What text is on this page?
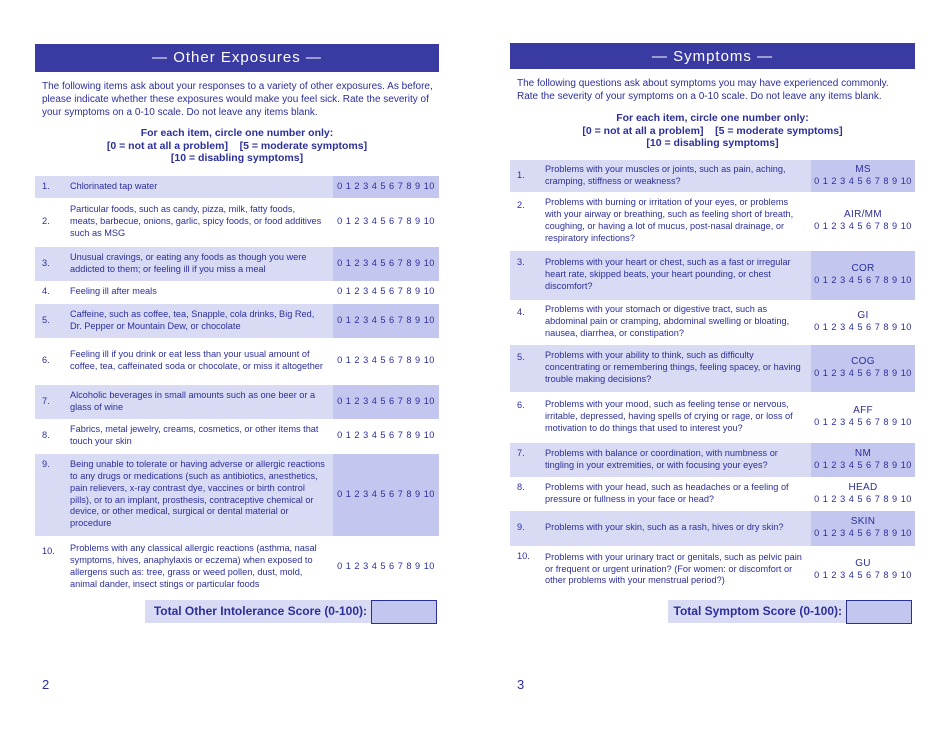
— Other Exposures —
The following items ask about your responses to a variety of other exposures. As before, please indicate whether these exposures would make you feel sick. Rate the severity of your symptoms on a 0-10 scale. Do not leave any items blank.
For each item, circle one number only:
[0 = not at all a problem]    [5 = moderate symptoms]
[10 = disabling symptoms]
1.	Chlorinated tap water	0 1 2 3 4 5 6 7 8 9 10
2.	Particular foods, such as candy, pizza, milk, fatty foods, meats, barbecue, onions, garlic, spicy foods, or food additives such as MSG	0 1 2 3 4 5 6 7 8 9 10
3.	Unusual cravings, or eating any foods as though you were addicted to them; or feeling ill if you miss a meal	0 1 2 3 4 5 6 7 8 9 10
4.	Feeling ill after meals	0 1 2 3 4 5 6 7 8 9 10
5.	Caffeine, such as coffee, tea, Snapple, cola drinks, Big Red, Dr. Pepper or Mountain Dew, or chocolate	0 1 2 3 4 5 6 7 8 9 10
6.	Feeling ill if you drink or eat less than your usual amount of coffee, tea, caffeinated soda or chocolate, or miss it altogether	0 1 2 3 4 5 6 7 8 9 10
7.	Alcoholic beverages in small amounts such as one beer or a glass of wine	0 1 2 3 4 5 6 7 8 9 10
8.	Fabrics, metal jewelry, creams, cosmetics, or other items that touch your skin	0 1 2 3 4 5 6 7 8 9 10
9.	Being unable to tolerate or having adverse or allergic reactions to any drugs or medications (such as antibiotics, anesthetics, pain relievers, x-ray contrast dye, vaccines or birth control pills), or to an implant, prosthesis, contraceptive chemical or device, or other medical, surgical or dental material or procedure	0 1 2 3 4 5 6 7 8 9 10
10.	Problems with any classical allergic reactions (asthma, nasal symptoms, hives, anaphylaxis or eczema) when exposed to allergens such as: tree, grass or weed pollen, dust, mold, animal dander, insect stings or particular foods	0 1 2 3 4 5 6 7 8 9 10
Total Other Intolerance Score (0-100):
2
— Symptoms —
The following questions ask about symptoms you may have experienced commonly. Rate the severity of your symptoms on a 0-10 scale. Do not leave any items blank.
For each item, circle one number only:
[0 = not at all a problem]    [5 = moderate symptoms]
[10 = disabling symptoms]
1.	Problems with your muscles or joints, such as pain, aching, cramping, stiffness or weakness?	MS
0 1 2 3 4 5 6 7 8 9 10
2.	Problems with burning or irritation of your eyes, or problems with your airway or breathing, such as feeling short of breath, coughing, or having a lot of mucus, post-nasal drainage, or respiratory infections?	AIR/MM
0 1 2 3 4 5 6 7 8 9 10
3.	Problems with your heart or chest, such as a fast or irregular heart rate, skipped beats, your heart pounding, or chest discomfort?	COR
0 1 2 3 4 5 6 7 8 9 10
4.	Problems with your stomach or digestive tract, such as abdominal pain or cramping, abdominal swelling or bloating, nausea, diarrhea, or constipation?	GI
0 1 2 3 4 5 6 7 8 9 10
5.	Problems with your ability to think, such as difficulty concentrating or remembering things, feeling spacey, or having trouble making decisions?	COG
0 1 2 3 4 5 6 7 8 9 10
6.	Problems with your mood, such as feeling tense or nervous, irritable, depressed, having spells of crying or rage, or loss of motivation to do things that used to interest you?	AFF
0 1 2 3 4 5 6 7 8 9 10
7.	Problems with balance or coordination, with numbness or tingling in your extremities, or with focusing your eyes?	NM
0 1 2 3 4 5 6 7 8 9 10
8.	Problems with your head, such as headaches or a feeling of pressure or fullness in your face or head?	HEAD
0 1 2 3 4 5 6 7 8 9 10
9.	Problems with your skin, such as a rash, hives or dry skin?	SKIN
0 1 2 3 4 5 6 7 8 9 10
10.	Problems with your urinary tract or genitals, such as pelvic pain or frequent or urgent urination? (For women: or discomfort or other problems with your menstrual period?)	GU
0 1 2 3 4 5 6 7 8 9 10
Total Symptom Score (0-100):
3
